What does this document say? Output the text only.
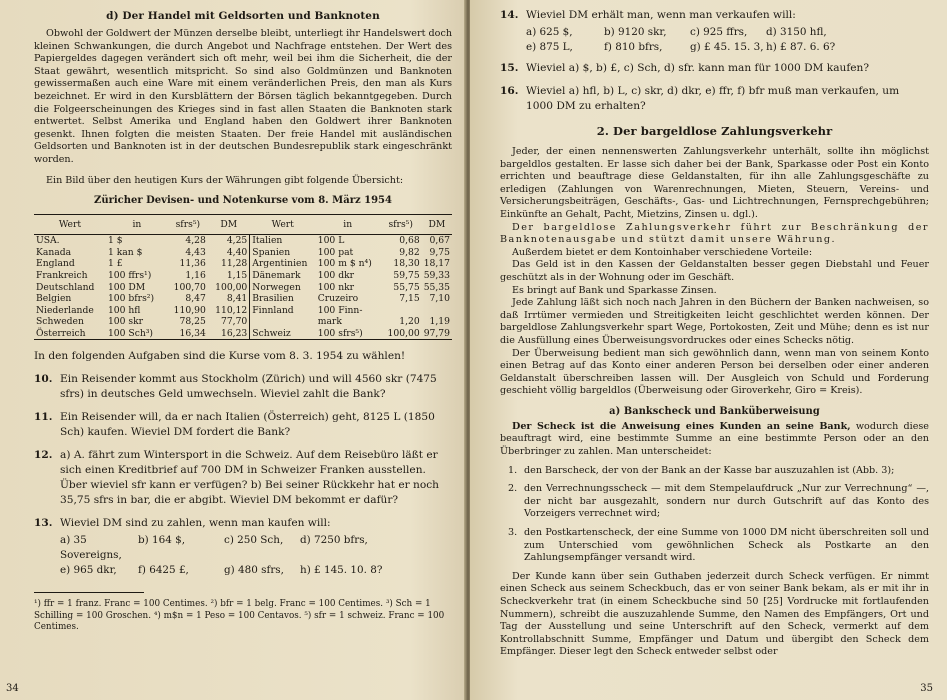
d) Der Handel mit Geldsorten und Banknoten

Obwohl der Goldwert der Münzen derselbe bleibt, unterliegt ihr Handelswert doch kleinen Schwankungen, die durch Angebot und Nachfrage entstehen. Der Wert des Papiergeldes dagegen verändert sich oft mehr, weil bei ihm die Sicherheit, die der Staat gewährt, wesentlich mitspricht. So sind also Goldmünzen und Banknoten gewissermaßen auch eine Ware mit einem veränderlichen Preis, den man als Kurs bezeichnet. Er wird in den Kursblättern der Börsen täglich bekanntgegeben. Durch die Folgeerscheinungen des Krieges sind in fast allen Staaten die Banknoten stark entwertet. Selbst Amerika und England haben den Goldwert ihrer Banknoten gesenkt. Ihnen folgten die meisten Staaten. Der freie Handel mit ausländischen Geldsorten und Banknoten ist in der deutschen Bundesrepublik stark eingeschränkt worden.

Ein Bild über den heutigen Kurs der Währungen gibt folgende Übersicht:

Züricher Devisen- und Notenkurse vom 8. März 1954
Wert	in	sfrs⁵)	DM	Wert	in	sfrs⁵)	DM
USA.	1 $	4,28	4,25	Italien	100 L	0,68	0,67
Kanada	1 kan $	4,43	4,40	Spanien	100 pat	9,82	9,75
England	1 £	11,36	11,28	Argentinien	100 m $ n⁴)	18,30	18,17
Frankreich	100 ffrs¹)	1,16	1,15	Dänemark	100 dkr	59,75	59,33
Deutschland	100 DM	100,70	100,00	Norwegen	100 nkr	55,75	55,35
Belgien	100 bfrs²)	8,47	8,41	Brasilien	Cruzeiro	7,15	7,10
Niederlande	100 hfl	110,90	110,12	Finnland	100 Finn-		
Schweden	100 skr	78,25	77,70		mark	1,20	1,19
Österreich	100 Sch³)	16,34	16,23	Schweiz	100 sfrs⁵)	100,00	97,79
In den folgenden Aufgaben sind die Kurse vom 8. 3. 1954 zu wählen!
10. Ein Reisender kommt aus Stockholm (Zürich) und will 4560 skr (7475 sfrs) in deutsches Geld umwechseln. Wieviel zahlt die Bank?
11. Ein Reisender will, da er nach Italien (Österreich) geht, 8125 L (1850 Sch) kaufen. Wieviel DM fordert die Bank?
12. a) A. fährt zum Wintersport in die Schweiz. Auf dem Reisebüro läßt er sich einen Kreditbrief auf 700 DM in Schweizer Franken ausstellen. Über wieviel sfr kann er verfügen? b) Bei seiner Rückkehr hat er noch 35,75 sfrs in bar, die er abgibt. Wieviel DM bekommt er dafür?
13. Wieviel DM sind zu zahlen, wenn man kaufen will:
a) 35 Sovereigns,
b) 164 $,	c) 250 Sch,	d) 7250 bfrs,
e) 965 dkr,	f) 6425 £,	g) 480 sfrs,	h) £ 145. 10. 8?
¹) ffr = 1 franz. Franc = 100 Centimes. ²) bfr = 1 belg. Franc = 100 Centimes. ³) Sch = 1 Schilling = 100 Groschen. ⁴) m$n = 1 Peso = 100 Centavos. ⁵) sfr = 1 schweiz. Franc = 100 Centimes.
34
14. Wieviel DM erhält man, wenn man verkaufen will:
a) 625 $,	b) 9120 skr,	c) 925 ffrs,	d) 3150 hfl,
e) 875 L,	f) 810 bfrs,	g) £ 45. 15. 3, h) £ 87. 6. 6?
15. Wieviel a) $, b) £, c) Sch, d) sfr. kann man für 1000 DM kaufen?
16. Wieviel a) hfl, b) L, c) skr, d) dkr, e) ffr, f) bfr muß man verkaufen, um 1000 DM zu erhalten?
2. Der bargeldlose Zahlungsverkehr

Jeder, der einen nennenswerten Zahlungsverkehr unterhält, sollte ihn möglichst bargeldlos gestalten. Er lasse sich daher bei der Bank, Sparkasse oder Post ein Konto errichten und beauftrage diese Geldanstalten, für ihn alle Zahlungsgeschäfte zu erledigen (Zahlungen von Warenrechnungen, Mieten, Steuern, Vereins- und Versicherungsbeiträgen, Geschäfts-, Gas- und Lichtrechnungen, Fernsprechgebühren; Einkünfte an Gehalt, Pacht, Mietzins, Zinsen u. dgl.).

Der bargeldlose Zahlungsverkehr führt zur Beschränkung der Banknotenausgabe und stützt damit unsere Währung.

Außerdem bietet er dem Kontoinhaber verschiedene Vorteile:

Das Geld ist in den Kassen der Geldanstalten besser gegen Diebstahl und Feuer geschützt als in der Wohnung oder im Geschäft.

Es bringt auf Bank und Sparkasse Zinsen.

Jede Zahlung läßt sich noch nach Jahren in den Büchern der Banken nachweisen, so daß Irrtümer vermieden und Streitigkeiten leicht geschlichtet werden können. Der bargeldlose Zahlungsverkehr spart Wege, Portokosten, Zeit und Mühe; denn es ist nur die Ausfüllung eines Überweisungsvordruckes oder eines Schecks nötig.

Der Überweisung bedient man sich gewöhnlich dann, wenn man von seinem Konto einen Betrag auf das Konto einer anderen Person bei derselben oder einer anderen Geldanstalt überschreiben lassen will. Der Ausgleich von Schuld und Forderung geschieht völlig bargeldlos (Überweisung oder Giroverkehr, Giro = Kreis).

a) Bankscheck und Banküberweisung

Der Scheck ist die Anweisung eines Kunden an seine Bank, wodurch diese beauftragt wird, eine bestimmte Summe an eine bestimmte Person oder an den Überbringer zu zahlen. Man unterscheidet:

1. den Barscheck, der von der Bank an der Kasse bar auszuzahlen ist (Abb. 3);
2. den Verrechnungsscheck — mit dem Stempelaufdruck „Nur zur Verrechnung“ —, der nicht bar ausgezahlt, sondern nur durch Gutschrift auf das Konto des Vorzeigers verrechnet wird;
3. den Postkartenscheck, der eine Summe von 1000 DM nicht überschreiten soll und zum Unterschied vom gewöhnlichen Scheck als Postkarte an den Zahlungsempfänger versandt wird.

Der Kunde kann über sein Guthaben jederzeit durch Scheck verfügen. Er nimmt einen Scheck aus seinem Scheckbuch, das er von seiner Bank bekam, als er mit ihr in Scheckverkehr trat (in einem Scheckbuche sind 50 [25] Vordrucke mit fortlaufenden Nummern), schreibt die auszuzahlende Summe, den Namen des Empfängers, Ort und Tag der Ausstellung und seine Unterschrift auf den Scheck, vermerkt auf dem Kontrollabschnitt Summe, Empfänger und Datum und übergibt den Scheck dem Empfänger. Dieser legt den Scheck entweder selbst oder

35
